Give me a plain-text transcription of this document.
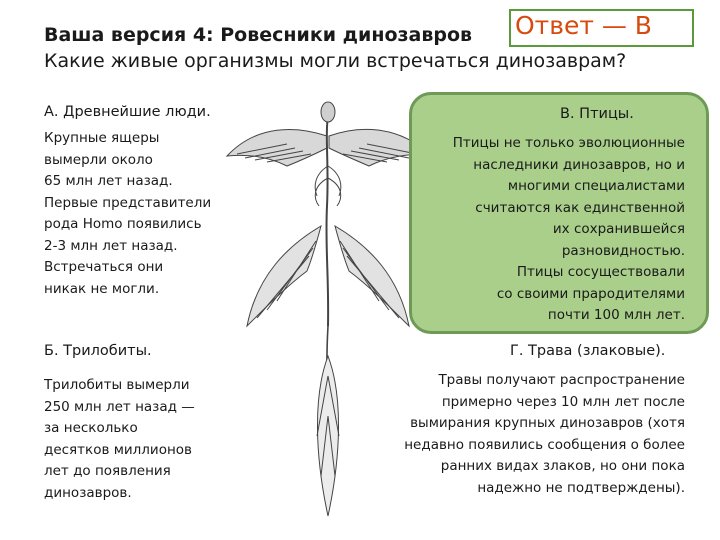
Ваша версия 4: Ровесники динозавров Ответ — В
Какие живые организмы могли встречаться динозаврам?
А. Древнейшие люди.
Крупные ящеры
вымерли около
65 млн лет назад.
Первые представители
рода Homo появились
2-3 млн лет назад.
Встречаться они
никак не могли.
Б. Трилобиты.
Трилобиты вымерли
250 млн лет назад —
за несколько
десятков миллионов
лет до появления
динозавров.
В. Птицы.
Птицы не только эволюционные
наследники динозавров, но и
многими специалистами
считаются как единственной
их сохранившейся
разновидностью.
Птицы сосуществовали
со своими прародителями
почти 100 млн лет.
Г. Трава (злаковые).
Травы получают распространение
примерно через 10 млн лет после
вымирания крупных динозавров (хотя
недавно появились сообщения о более
ранних видах злаков, но они пока
надежно не подтверждены).
